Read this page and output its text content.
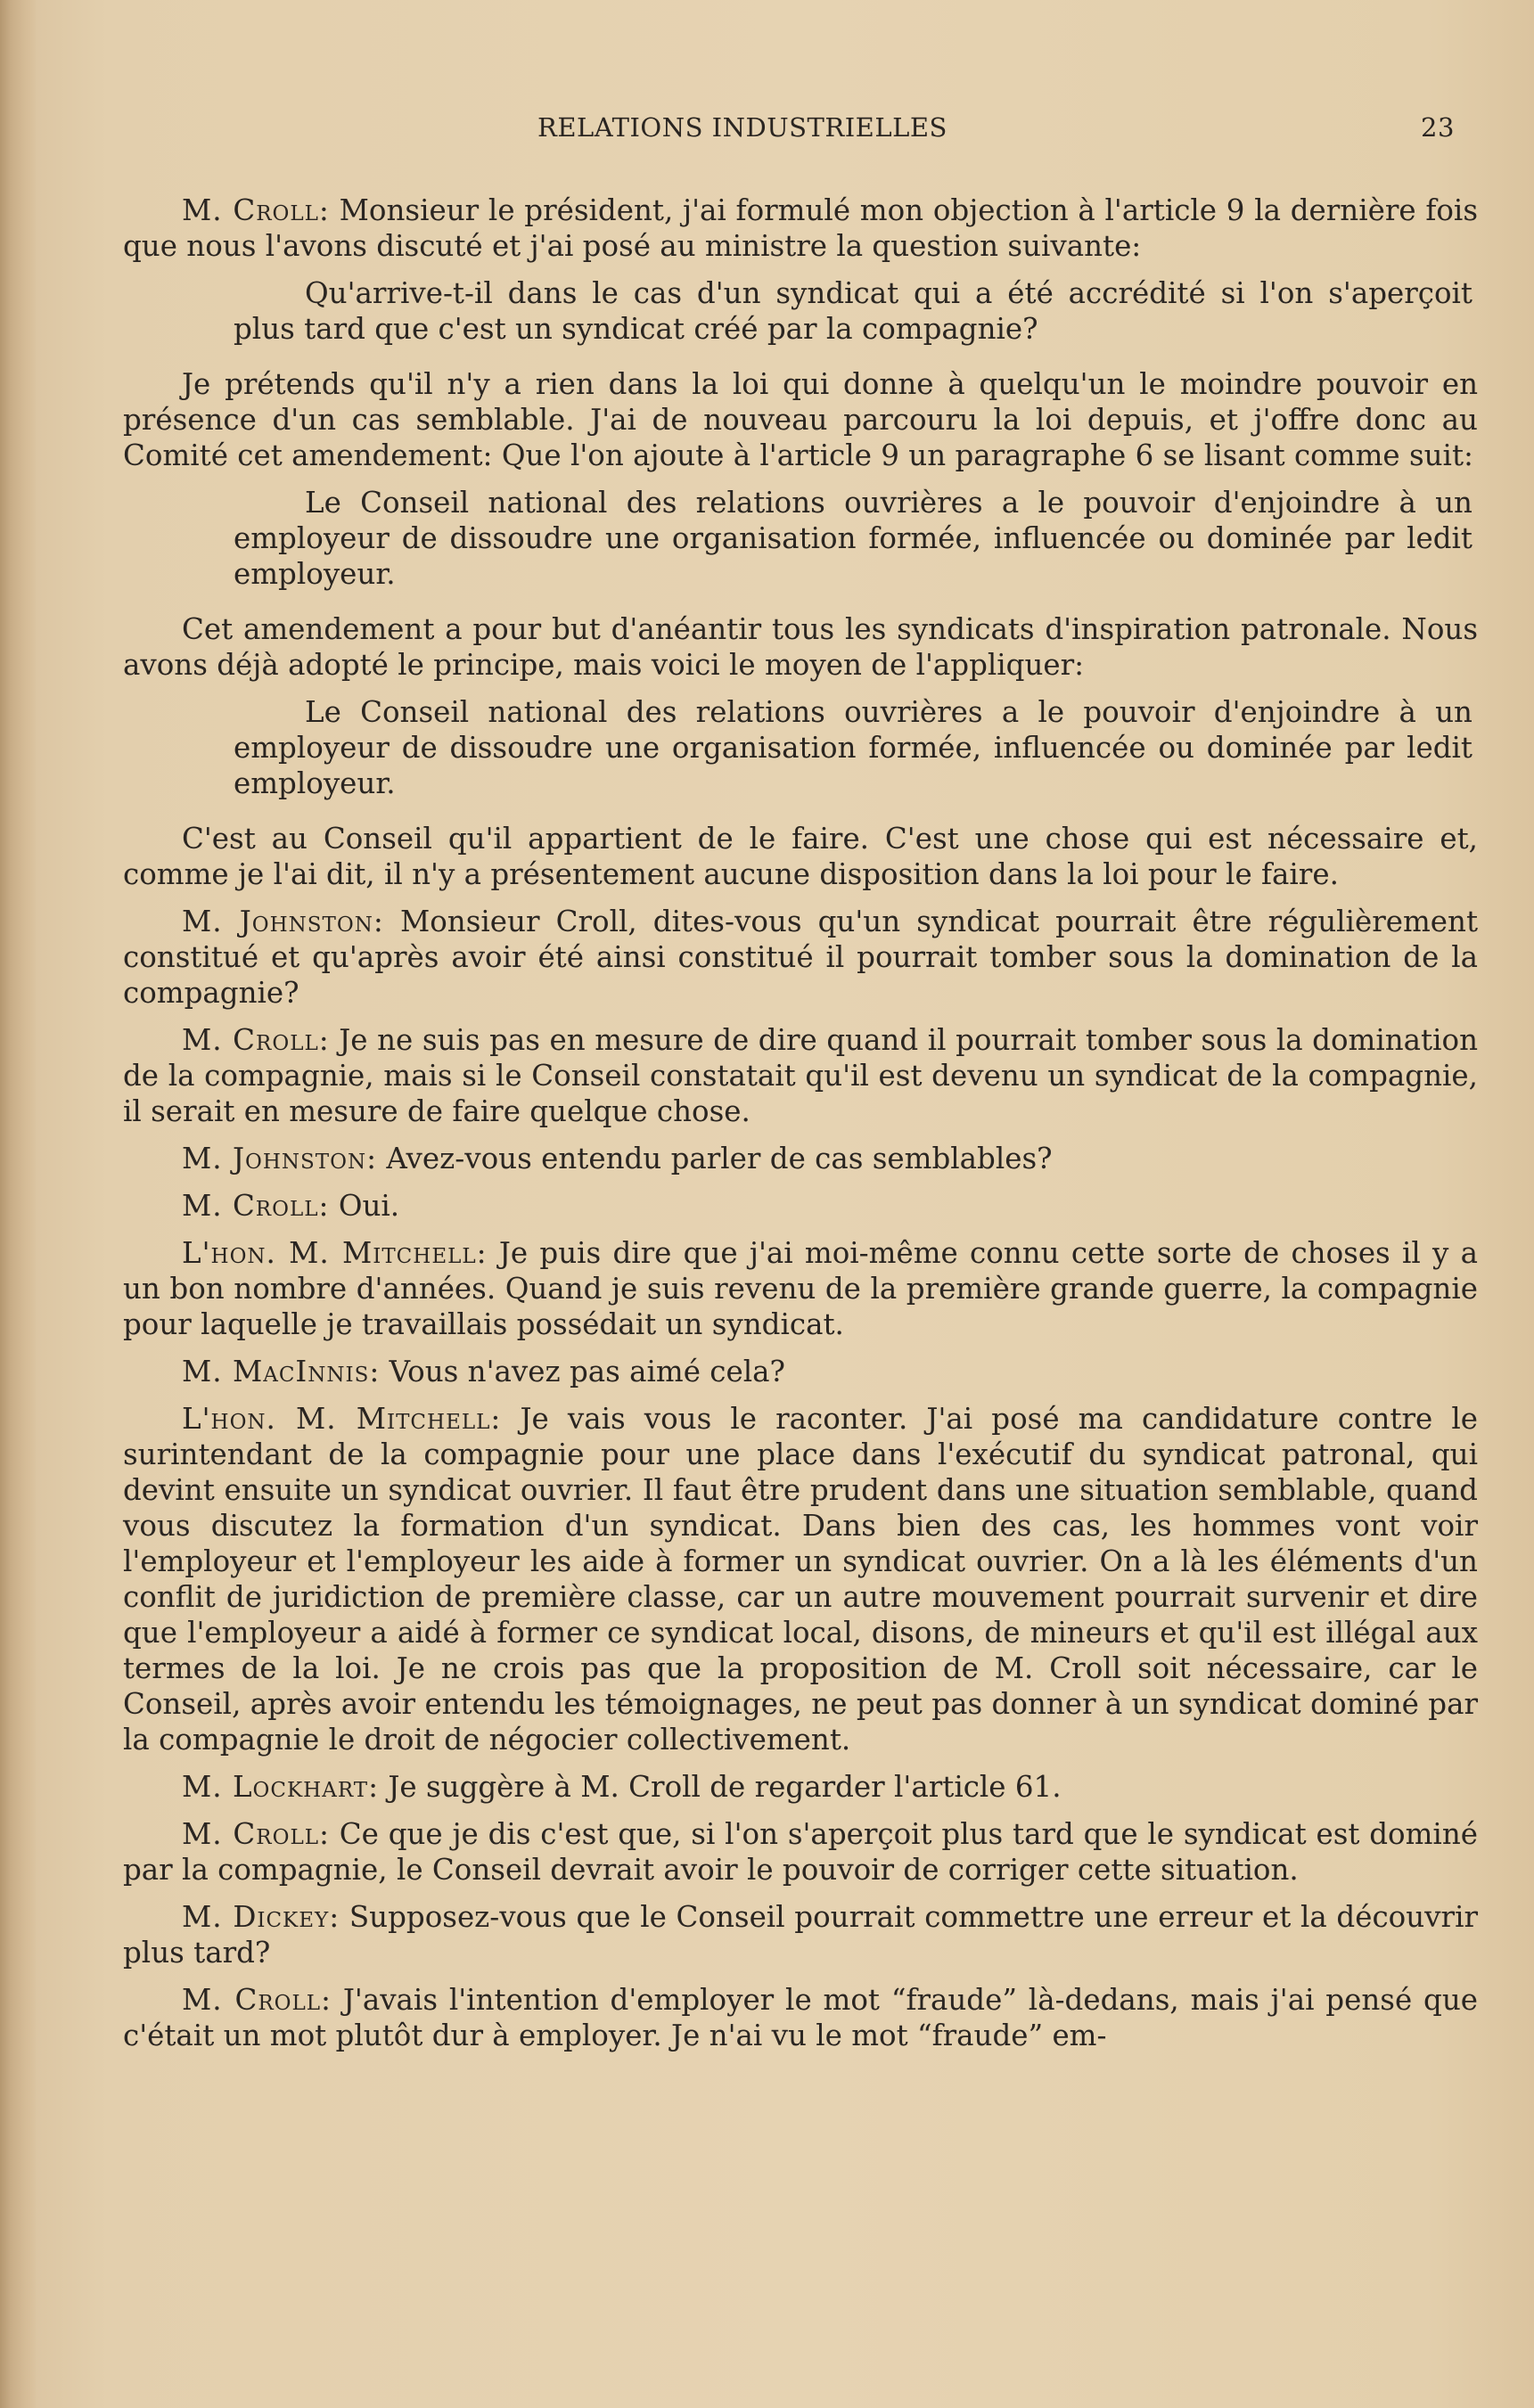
RELATIONS INDUSTRIELLES	23

M. Croll: Monsieur le président, j'ai formulé mon objection à l'article 9 la dernière fois que nous l'avons discuté et j'ai posé au ministre la question suivante:

Qu'arrive-t-il dans le cas d'un syndicat qui a été accrédité si l'on s'aperçoit plus tard que c'est un syndicat créé par la compagnie?

Je prétends qu'il n'y a rien dans la loi qui donne à quelqu'un le moindre pouvoir en présence d'un cas semblable. J'ai de nouveau parcouru la loi depuis, et j'offre donc au Comité cet amendement: Que l'on ajoute à l'article 9 un paragraphe 6 se lisant comme suit:

Le Conseil national des relations ouvrières a le pouvoir d'enjoindre à un employeur de dissoudre une organisation formée, influencée ou dominée par ledit employeur.

Cet amendement a pour but d'anéantir tous les syndicats d'inspiration patronale. Nous avons déjà adopté le principe, mais voici le moyen de l'appliquer:

Le Conseil national des relations ouvrières a le pouvoir d'enjoindre à un employeur de dissoudre une organisation formée, influencée ou dominée par ledit employeur.

C'est au Conseil qu'il appartient de le faire. C'est une chose qui est nécessaire et, comme je l'ai dit, il n'y a présentement aucune disposition dans la loi pour le faire.

M. Johnston: Monsieur Croll, dites-vous qu'un syndicat pourrait être régulièrement constitué et qu'après avoir été ainsi constitué il pourrait tomber sous la domination de la compagnie?

M. Croll: Je ne suis pas en mesure de dire quand il pourrait tomber sous la domination de la compagnie, mais si le Conseil constatait qu'il est devenu un syndicat de la compagnie, il serait en mesure de faire quelque chose.

M. Johnston: Avez-vous entendu parler de cas semblables?

M. Croll: Oui.

L'hon. M. Mitchell: Je puis dire que j'ai moi-même connu cette sorte de choses il y a un bon nombre d'années. Quand je suis revenu de la première grande guerre, la compagnie pour laquelle je travaillais possédait un syndicat.

M. MacInnis: Vous n'avez pas aimé cela?

L'hon. M. Mitchell: Je vais vous le raconter. J'ai posé ma candidature contre le surintendant de la compagnie pour une place dans l'exécutif du syndicat patronal, qui devint ensuite un syndicat ouvrier. Il faut être prudent dans une situation semblable, quand vous discutez la formation d'un syndicat. Dans bien des cas, les hommes vont voir l'employeur et l'employeur les aide à former un syndicat ouvrier. On a là les éléments d'un conflit de juridiction de première classe, car un autre mouvement pourrait survenir et dire que l'employeur a aidé à former ce syndicat local, disons, de mineurs et qu'il est illégal aux termes de la loi. Je ne crois pas que la proposition de M. Croll soit nécessaire, car le Conseil, après avoir entendu les témoignages, ne peut pas donner à un syndicat dominé par la compagnie le droit de négocier collectivement.

M. Lockhart: Je suggère à M. Croll de regarder l'article 61.

M. Croll: Ce que je dis c'est que, si l'on s'aperçoit plus tard que le syndicat est dominé par la compagnie, le Conseil devrait avoir le pouvoir de corriger cette situation.

M. Dickey: Supposez-vous que le Conseil pourrait commettre une erreur et la découvrir plus tard?

M. Croll: J'avais l'intention d'employer le mot “fraude” là-dedans, mais j'ai pensé que c'était un mot plutôt dur à employer. Je n'ai vu le mot “fraude” em-
